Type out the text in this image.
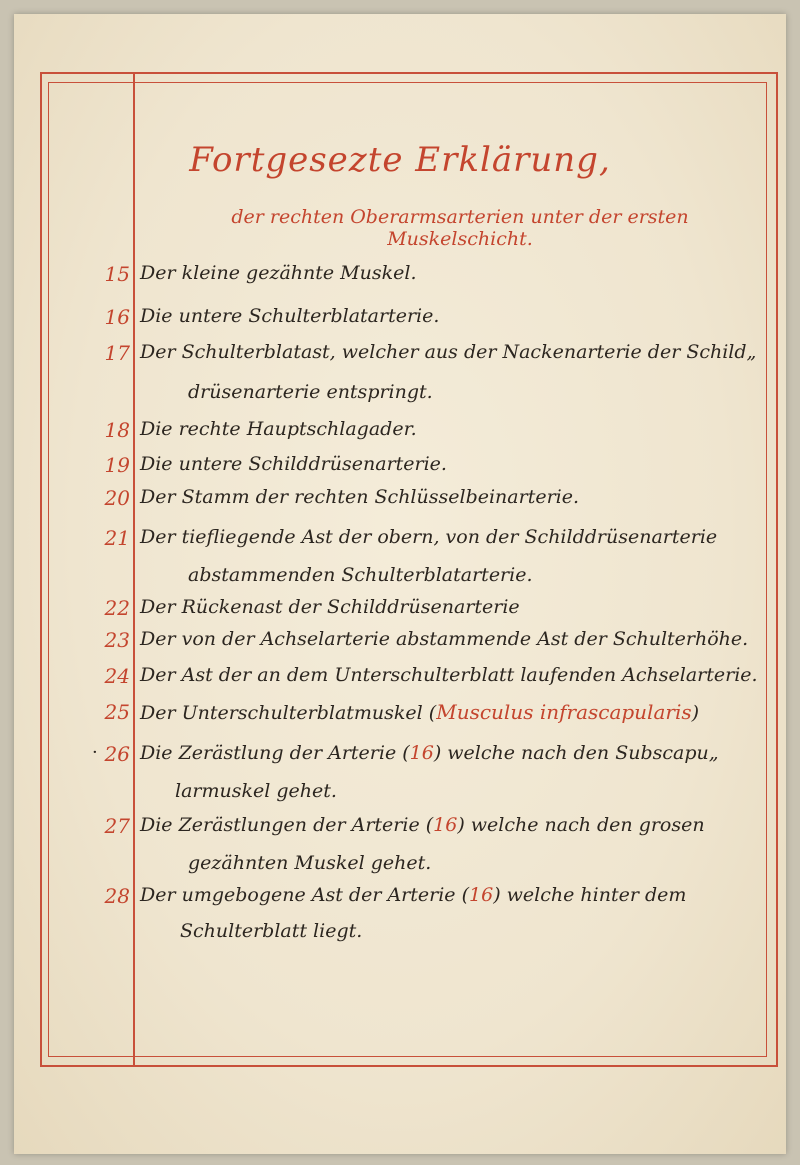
Fortgesezte Erklärung,
der rechten Oberarmsarterien unter der ersten Muskelschicht.
15 Der kleine gezähnte Muskel.
16 Die untere Schulterblatarterie.
17 Der Schulterblatast, welcher aus der Nackenarterie der Schild„
drüsenarterie entspringt.
18 Die rechte Hauptschlagader.
19 Die untere Schilddrüsenarterie.
20 Der Stamm der rechten Schlüsselbeinarterie.
21 Der tiefliegende Ast der obern, von der Schilddrüsenarterie
abstammenden Schulterblatarterie.
22 Der Rückenast der Schilddrüsenarterie
23 Der von der Achselarterie abstammende Ast der Schulterhöhe.
24 Der Ast der an dem Unterschulterblatt laufenden Achselarterie.
25 Der Unterschulterblatmuskel (Musculus infrascapularis)
· 26 Die Zerästlung der Arterie (16) welche nach den Subscapu„
larmuskel gehet.
27 Die Zerästlungen der Arterie (16) welche nach den grosen
gezähnten Muskel gehet.
28 Der umgebogene Ast der Arterie (16) welche hinter dem
Schulterblatt liegt.
